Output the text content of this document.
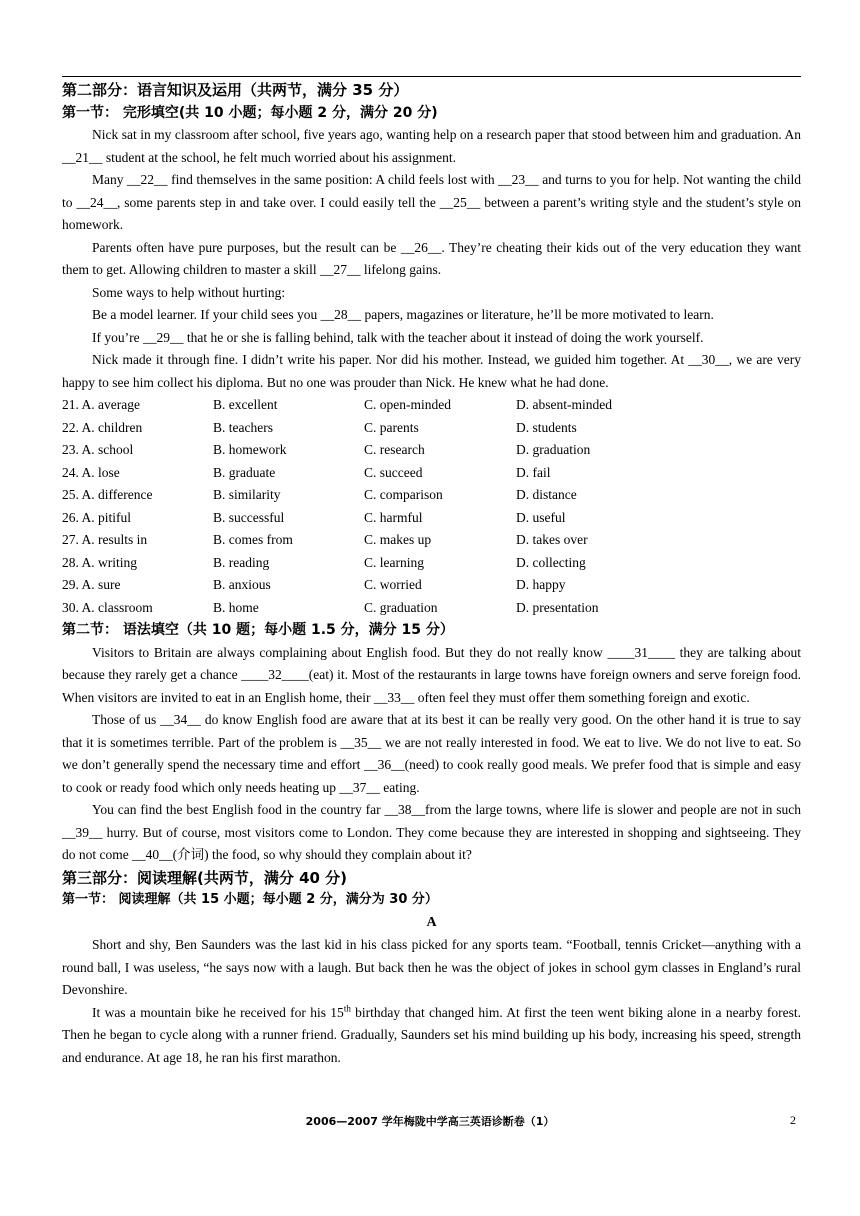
第二部分：语言知识及运用（共两节，满分 35 分）
第一节： 完形填空(共 10 小题；每小题 2 分，满分 20 分)

Nick sat in my classroom after school, five years ago, wanting help on a research paper that stood between him and graduation. An __21__ student at the school, he felt much worried about his assignment.

Many __22__ find themselves in the same position: A child feels lost with __23__ and turns to you for help. Not wanting the child to __24__, some parents step in and take over. I could easily tell the __25__ between a parent’s writing style and the student’s style on homework.

Parents often have pure purposes, but the result can be __26__. They’re cheating their kids out of the very education they want them to get. Allowing children to master a skill __27__ lifelong gains.

Some ways to help without hurting:

Be a model learner. If your child sees you __28__ papers, magazines or literature, he’ll be more motivated to learn.

If you’re __29__ that he or she is falling behind, talk with the teacher about it instead of doing the work yourself.

Nick made it through fine. I didn’t write his paper. Nor did his mother. Instead, we guided him together. At __30__, we are very happy to see him collect his diploma. But no one was prouder than Nick. He knew what he had done.

21. A. average	B. excellent	C. open-minded	D. absent-minded
22. A. children	B. teachers	C. parents	D. students
23. A. school	B. homework	C. research	D. graduation
24. A. lose	B. graduate	C. succeed	D. fail
25. A. difference	B. similarity	C. comparison	D. distance
26. A. pitiful	B. successful	C. harmful	D. useful
27. A. results in	B. comes from	C. makes up	D. takes over
28. A. writing	B. reading	C. learning	D. collecting
29. A. sure	B. anxious	C. worried	D. happy
30. A. classroom	B. home	C. graduation	D. presentation
第二节： 语法填空（共 10 题；每小题 1.5 分，满分 15 分）

Visitors to Britain are always complaining about English food. But they do not really know ____31____ they are talking about because they rarely get a chance ____32____(eat) it. Most of the restaurants in large towns have foreign owners and serve foreign food. When visitors are invited to eat in an English home, their __33__ often feel they must offer them something foreign and exotic.

Those of us __34__ do know English food are aware that at its best it can be really very good. On the other hand it is true to say that it is sometimes terrible. Part of the problem is __35__ we are not really interested in food. We eat to live. We do not live to eat. So we don’t generally spend the necessary time and effort __36__(need) to cook really good meals. We prefer food that is simple and easy to cook or ready food which only needs heating up __37__ eating.

You can find the best English food in the country far __38__from the large towns, where life is slower and people are not in such __39__ hurry. But of course, most visitors come to London. They come because they are interested in shopping and sightseeing. They do not come __40__(介词) the food, so why should they complain about it?

第三部分：阅读理解(共两节，满分 40 分)
第一节： 阅读理解（共 15 小题；每小题 2 分，满分为 30 分）
A

Short and shy, Ben Saunders was the last kid in his class picked for any sports team. “Football, tennis Cricket—anything with a round ball, I was useless, “he says now with a laugh. But back then he was the object of jokes in school gym classes in England’s rural Devonshire.

It was a mountain bike he received for his 15th birthday that changed him. At first the teen went biking alone in a nearby forest. Then he began to cycle along with a runner friend. Gradually, Saunders set his mind building up his body, increasing his speed, strength and endurance. At age 18, he ran his first marathon.

2006—2007 学年梅陇中学高三英语诊断卷（1）	2
